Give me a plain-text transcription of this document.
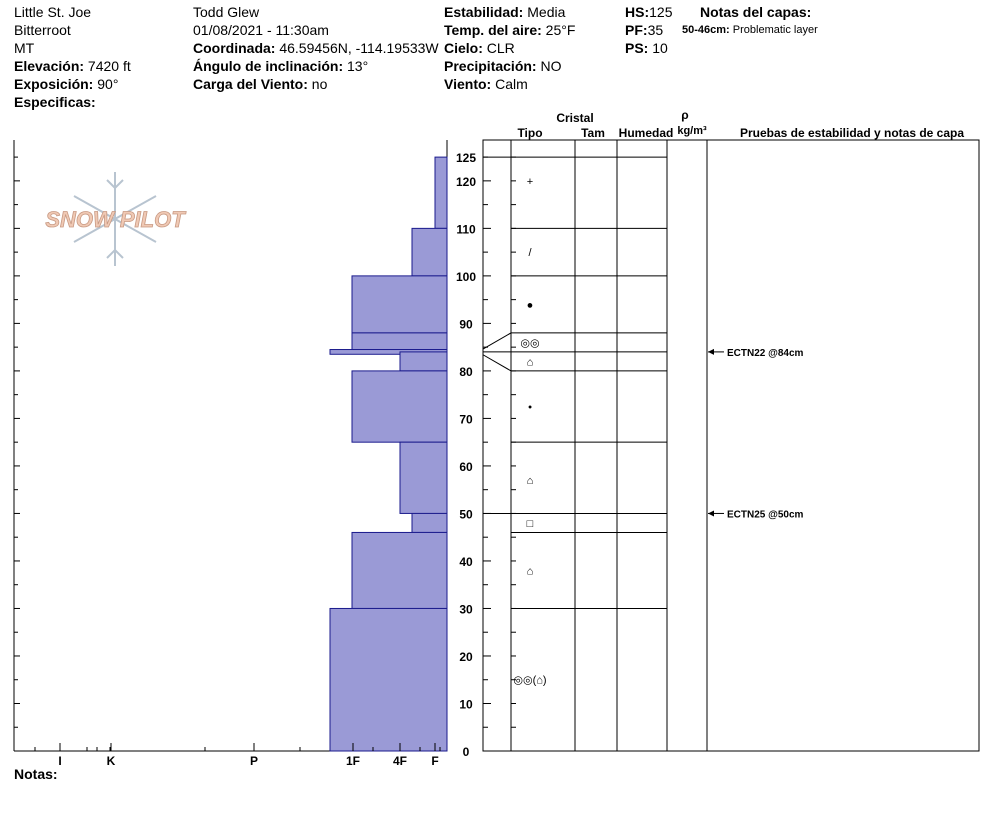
Little St. Joe
Bitterroot
MT
Elevación: 7420 ft
Exposición: 90°
Especificas:
Todd Glew
01/08/2021 - 11:30am
Coordinada: 46.59456N, -114.19533W
Ángulo de inclinación: 13°
Carga del Viento: no
Estabilidad: Media
Temp. del aire: 25°F
Cielo: CLR
Precipitación: NO
Viento: Calm
HS:125
PF:35
PS: 10
Notas del capas:
50-46cm: Problematic layer
Notas:
SNOW PILOT
I	K	P	1F	4F F
0
10
20
30
40
50
60
70
80
90
100
110
120
125
Cristal
Tipo	Tam Humedad
ρ
kg/m³	Pruebas de estabilidad y notas de capa
+
/
●
◎◎
⌂
•
⌂
□
⌂
◎◎(⌂)
ECTN22 @84cm
ECTN25 @50cm
